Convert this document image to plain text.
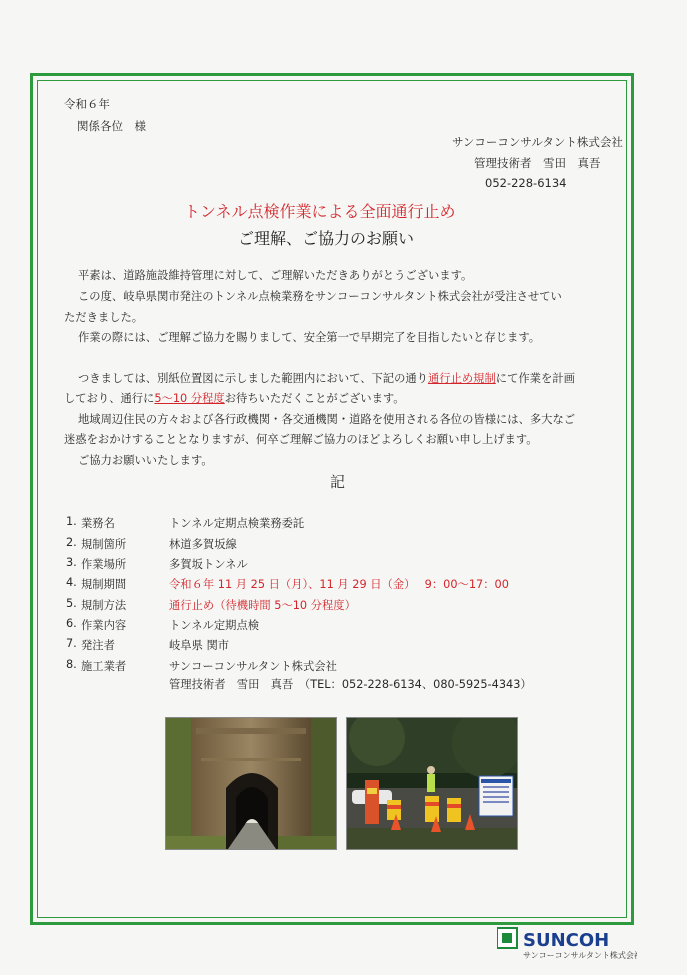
令和６年
関係各位　様
サンコーコンサルタント株式会社
管理技術者　雪田　真吾
052-228-6134
トンネル点検作業による全面通行止め
ご理解、ご協力のお願い
平素は、道路施設維持管理に対して、ご理解いただきありがとうございます。
この度、岐阜県関市発注のトンネル点検業務をサンコーコンサルタント株式会社が受注させてい
ただきました。
作業の際には、ご理解ご協力を賜りまして、安全第一で早期完了を目指したいと存じます。
つきましては、別紙位置図に示しました範囲内において、下記の通り通行止め規制にて作業を計画
しており、通行に5～10 分程度お待ちいただくことがございます。
地域周辺住民の方々および各行政機関・各交通機関・道路を使用される各位の皆様には、多大なご
迷惑をおかけすることとなりますが、何卒ご理解ご協力のほどよろしくお願い申し上げます。
ご協力お願いいたします。
記
1. 業務名	トンネル定期点検業務委託
2. 規制箇所	林道多賀坂線
3. 作業場所	多賀坂トンネル
4. 規制期間	令和６年 11 月 25 日（月）、11 月 29 日（金）　 9：00～17：00
5. 規制方法	通行止め（待機時間 5～10 分程度）
6. 作業内容	トンネル定期点検
7. 発注者	岐阜県 関市
8. 施工業者	サンコーコンサルタント株式会社
管理技術者　雪田　真吾　（TEL：052-228-6134、080-5925-4343）
SUNCOH
サンコーコンサルタント株式会社
